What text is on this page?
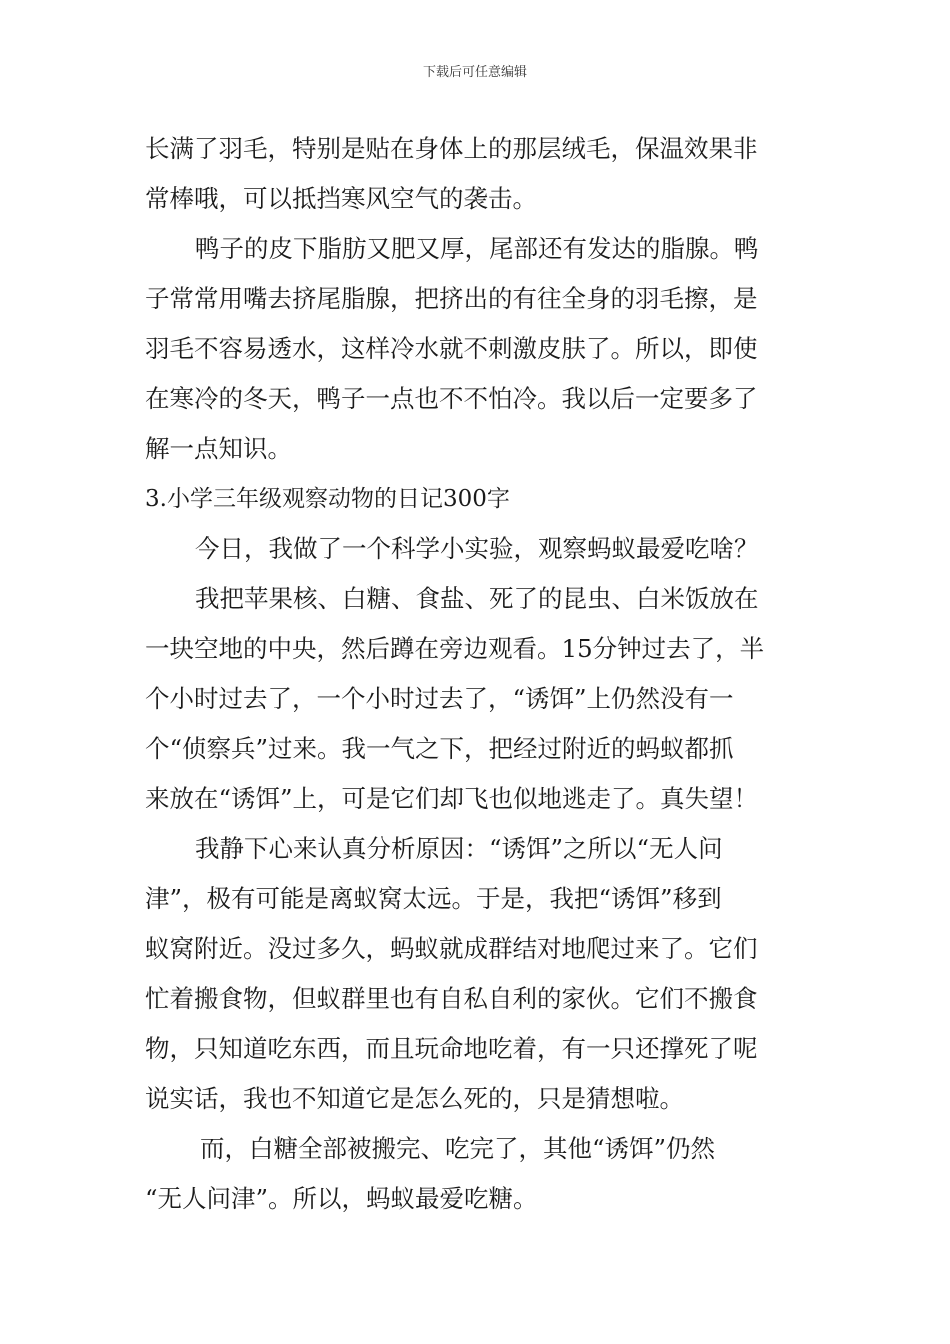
下载后可任意编辑
长满了羽毛，特别是贴在身体上的那层绒毛，保温效果非
常棒哦，可以抵挡寒风空气的袭击。
鸭子的皮下脂肪又肥又厚，尾部还有发达的脂腺。鸭
子常常用嘴去挤尾脂腺，把挤出的有往全身的羽毛擦，是
羽毛不容易透水，这样冷水就不刺激皮肤了。所以，即使
在寒冷的冬天，鸭子一点也不不怕冷。我以后一定要多了
解一点知识。
3.小学三年级观察动物的日记300字
今日，我做了一个科学小实验，观察蚂蚁最爱吃啥？
我把苹果核、白糖、食盐、死了的昆虫、白米饭放在
一块空地的中央，然后蹲在旁边观看。15分钟过去了，半
个小时过去了，一个小时过去了，“诱饵”上仍然没有一
个“侦察兵”过来。我一气之下，把经过附近的蚂蚁都抓
来放在“诱饵”上，可是它们却飞也似地逃走了。真失望！
我静下心来认真分析原因：“诱饵”之所以“无人问
津”，极有可能是离蚁窝太远。于是，我把“诱饵”移到
蚁窝附近。没过多久，蚂蚁就成群结对地爬过来了。它们
忙着搬食物，但蚁群里也有自私自利的家伙。它们不搬食
物，只知道吃东西，而且玩命地吃着，有一只还撑死了呢
说实话，我也不知道它是怎么死的，只是猜想啦。
而，白糖全部被搬完、吃完了，其他“诱饵”仍然
“无人问津”。所以，蚂蚁最爱吃糖。
